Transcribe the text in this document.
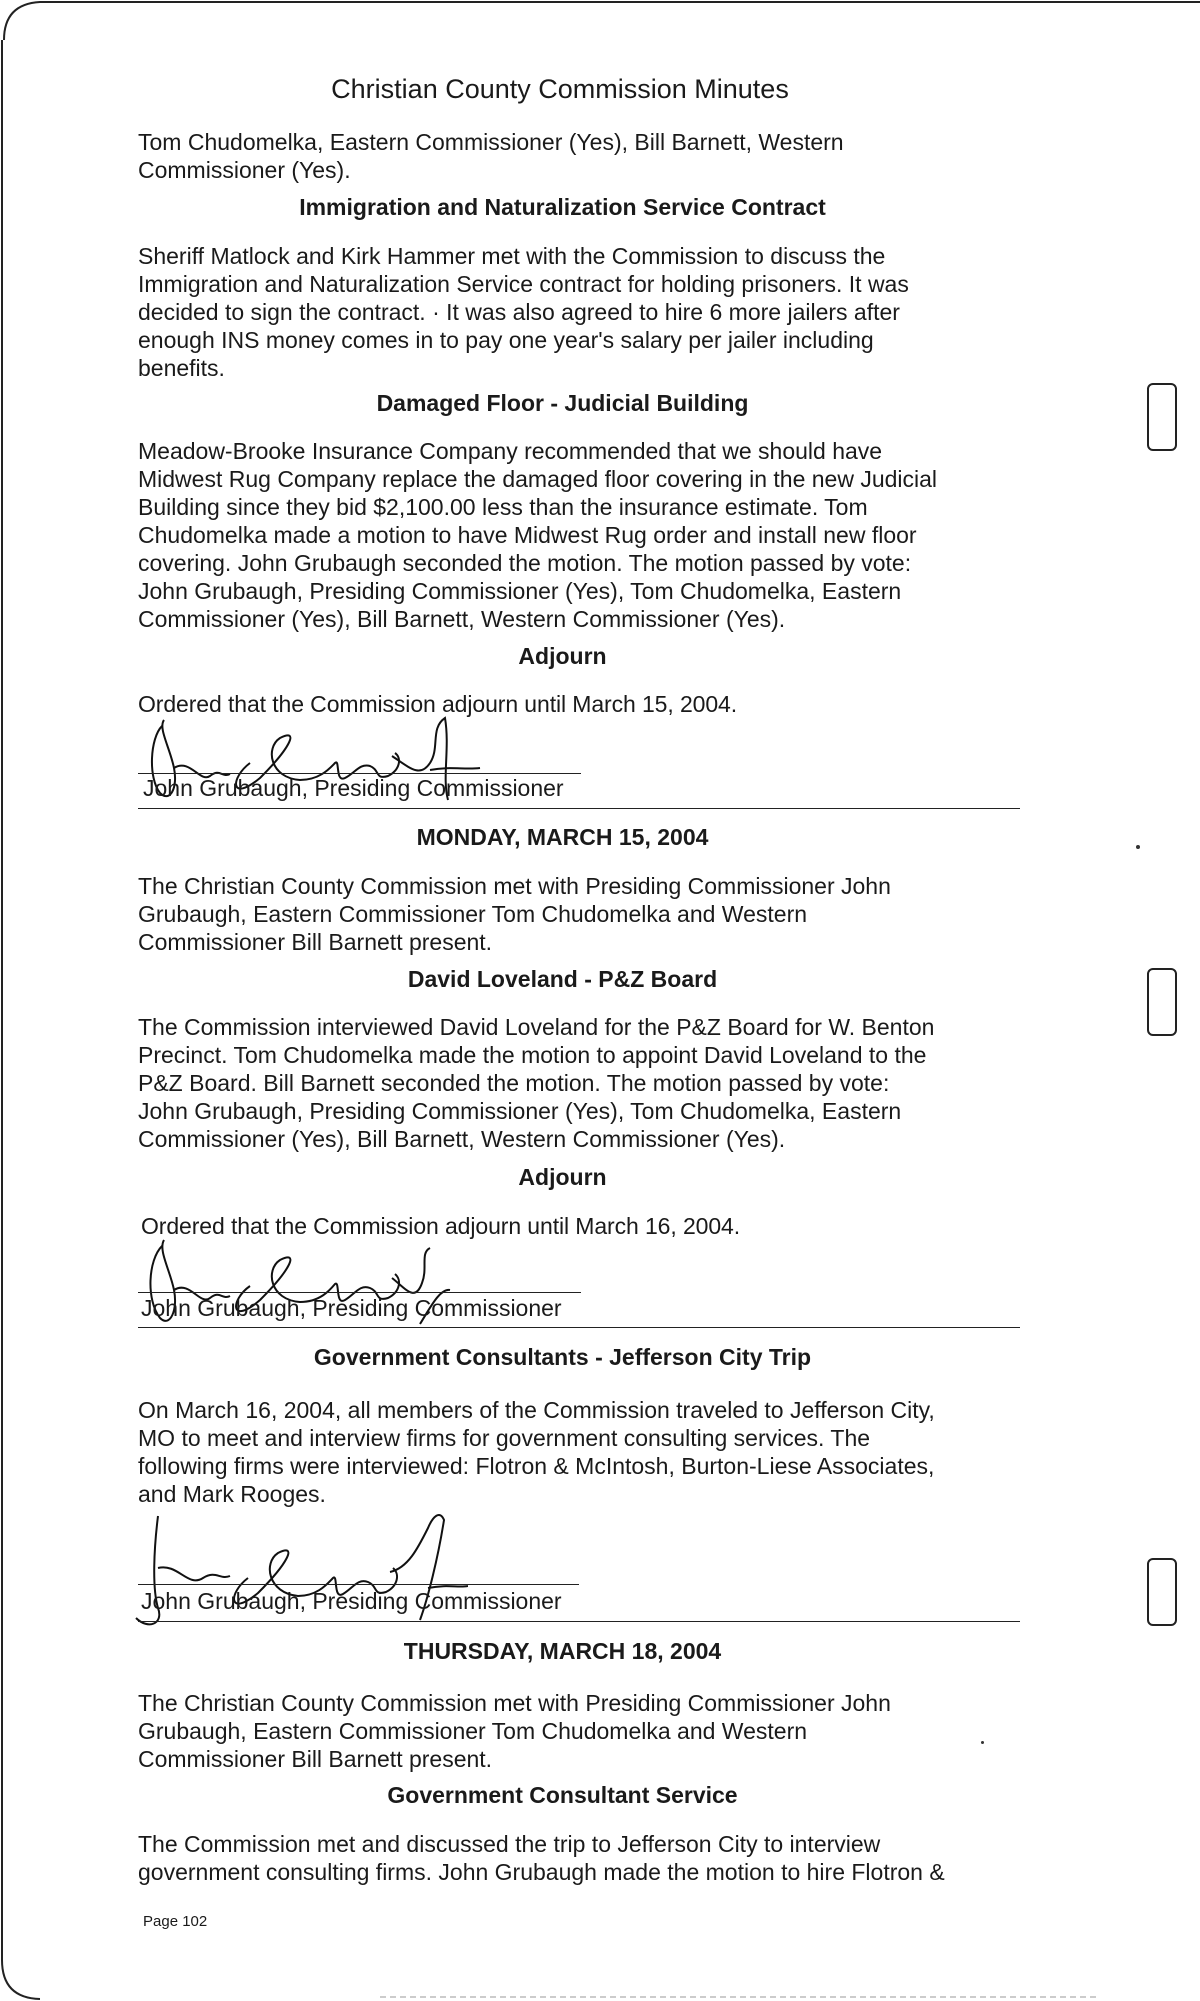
Christian County Commission Minutes
Tom Chudomelka, Eastern Commissioner (Yes), Bill Barnett, Western
Commissioner (Yes).
Immigration and Naturalization Service Contract
Sheriff Matlock and Kirk Hammer met with the Commission to discuss the
Immigration and Naturalization Service contract for holding prisoners. It was
decided to sign the contract. · It was also agreed to hire 6 more jailers after
enough INS money comes in to pay one year's salary per jailer including
benefits.
Damaged Floor - Judicial Building
Meadow-Brooke Insurance Company recommended that we should have
Midwest Rug Company replace the damaged floor covering in the new Judicial
Building since they bid $2,100.00 less than the insurance estimate. Tom
Chudomelka made a motion to have Midwest Rug order and install new floor
covering. John Grubaugh seconded the motion. The motion passed by vote:
John Grubaugh, Presiding Commissioner (Yes), Tom Chudomelka, Eastern
Commissioner (Yes), Bill Barnett, Western Commissioner (Yes).
Adjourn
Ordered that the Commission adjourn until March 15, 2004.
John Grubaugh, Presiding Commissioner
MONDAY, MARCH 15, 2004
The Christian County Commission met with Presiding Commissioner John
Grubaugh, Eastern Commissioner Tom Chudomelka and Western
Commissioner Bill Barnett present.
David Loveland - P&Z Board
The Commission interviewed David Loveland for the P&Z Board for W. Benton
Precinct. Tom Chudomelka made the motion to appoint David Loveland to the
P&Z Board. Bill Barnett seconded the motion. The motion passed by vote:
John Grubaugh, Presiding Commissioner (Yes), Tom Chudomelka, Eastern
Commissioner (Yes), Bill Barnett, Western Commissioner (Yes).
Adjourn
Ordered that the Commission adjourn until March 16, 2004.
John Grubaugh, Presiding Commissioner
Government Consultants - Jefferson City Trip
On March 16, 2004, all members of the Commission traveled to Jefferson City,
MO to meet and interview firms for government consulting services. The
following firms were interviewed: Flotron & McIntosh, Burton-Liese Associates,
and Mark Rooges.
John Grubaugh, Presiding Commissioner
THURSDAY, MARCH 18, 2004
The Christian County Commission met with Presiding Commissioner John
Grubaugh, Eastern Commissioner Tom Chudomelka and Western
Commissioner Bill Barnett present.
Government Consultant Service
The Commission met and discussed the trip to Jefferson City to interview
government consulting firms. John Grubaugh made the motion to hire Flotron &
Page 102
